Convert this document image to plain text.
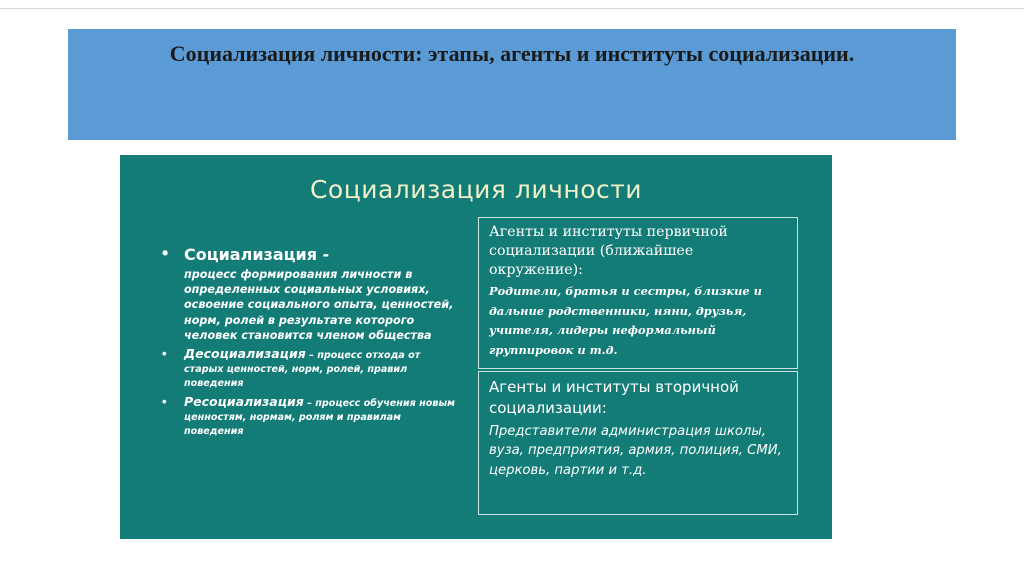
Социализация личности: этапы, агенты и институты социализации.
Социализация личности
• Социализация -
процесс формирования личности в определенных социальных условиях, освоение социального опыта, ценностей, норм, ролей в результате которого человек становится членом общества
• Десоциализация – процесс отхода от старых ценностей, норм, ролей, правил поведения
• Ресоциализация – процесс обучения новым ценностям, нормам, ролям и правилам поведения
Агенты и институты первичной социализации (ближайшее окружение):
Родители, братья и сестры, близкие и дальние родственники, няни, друзья, учителя, лидеры неформальный группировок и т.д.
Агенты и институты вторичной социализации:
Представители администрация школы, вуза, предприятия, армия, полиция, СМИ, церковь, партии и т.д.
